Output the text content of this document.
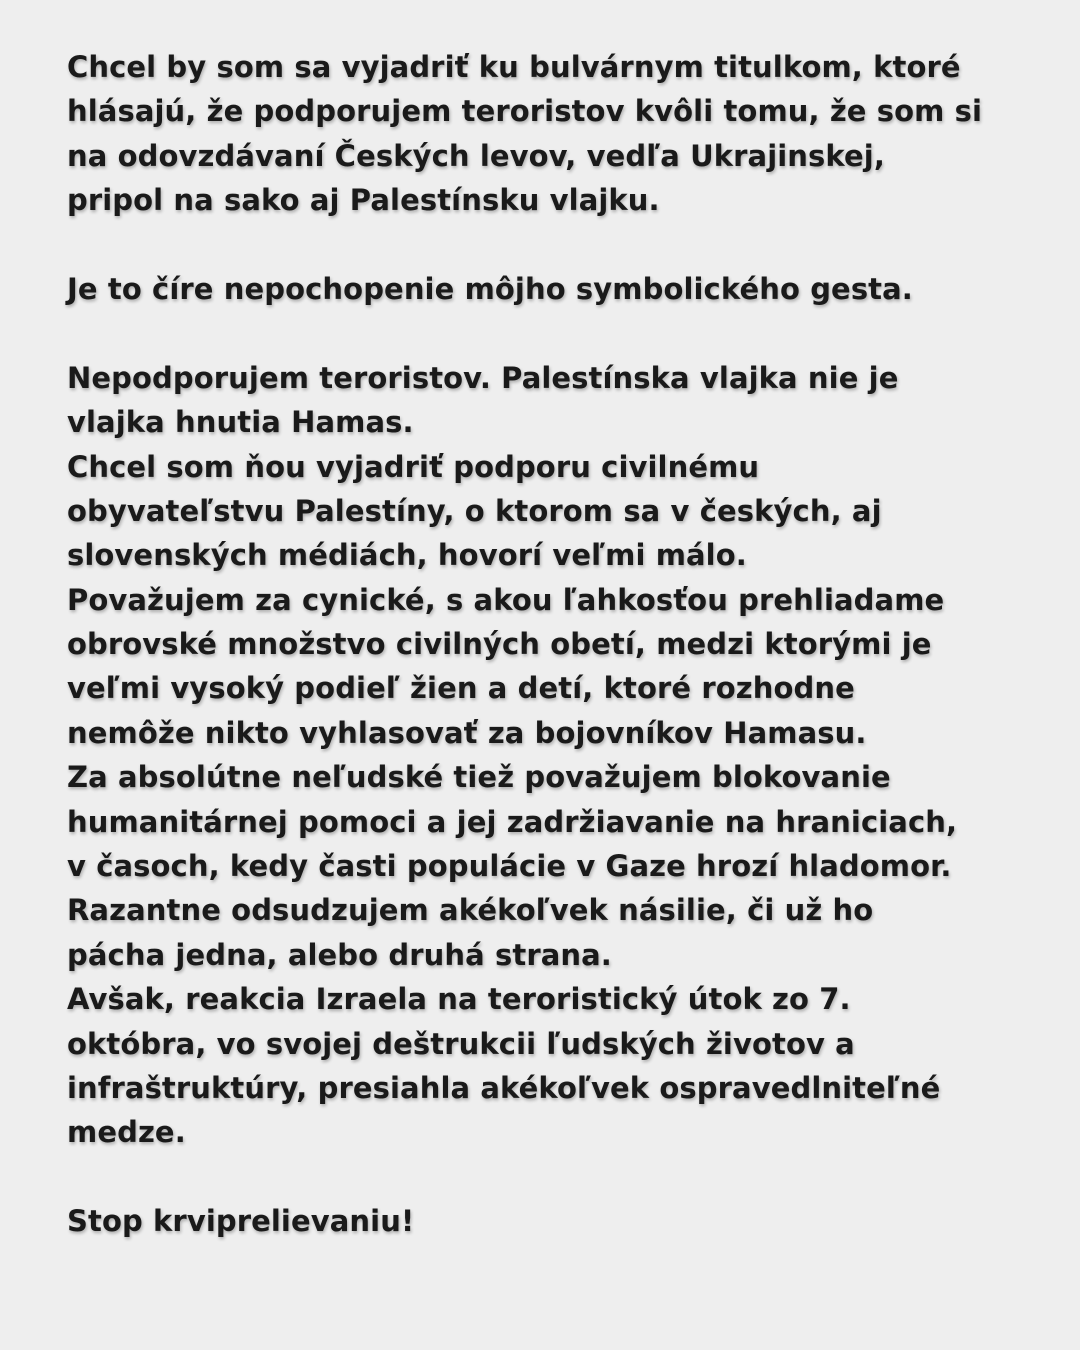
Chcel by som sa vyjadriť ku bulvárnym titulkom, ktoré
hlásajú, že podporujem teroristov kvôli tomu, že som si
na odovzdávaní Českých levov, vedľa Ukrajinskej,
pripol na sako aj Palestínsku vlajku.
Je to číre nepochopenie môjho symbolického gesta.
Nepodporujem teroristov. Palestínska vlajka nie je
vlajka hnutia Hamas.
Chcel som ňou vyjadriť podporu civilnému
obyvateľstvu Palestíny, o ktorom sa v českých, aj
slovenských médiách, hovorí veľmi málo.
Považujem za cynické, s akou ľahkosťou prehliadame
obrovské množstvo civilných obetí, medzi ktorými je
veľmi vysoký podieľ žien a detí, ktoré rozhodne
nemôže nikto vyhlasovať za bojovníkov Hamasu.
Za absolútne neľudské tiež považujem blokovanie
humanitárnej pomoci a jej zadržiavanie na hraniciach,
v časoch, kedy časti populácie v Gaze hrozí hladomor.
Razantne odsudzujem akékoľvek násilie, či už ho
pácha jedna, alebo druhá strana.
Avšak, reakcia Izraela na teroristický útok zo 7.
októbra, vo svojej deštrukcii ľudských životov a
infraštruktúry, presiahla akékoľvek ospravedlniteľné
medze.
Stop krviprelievaniu!
